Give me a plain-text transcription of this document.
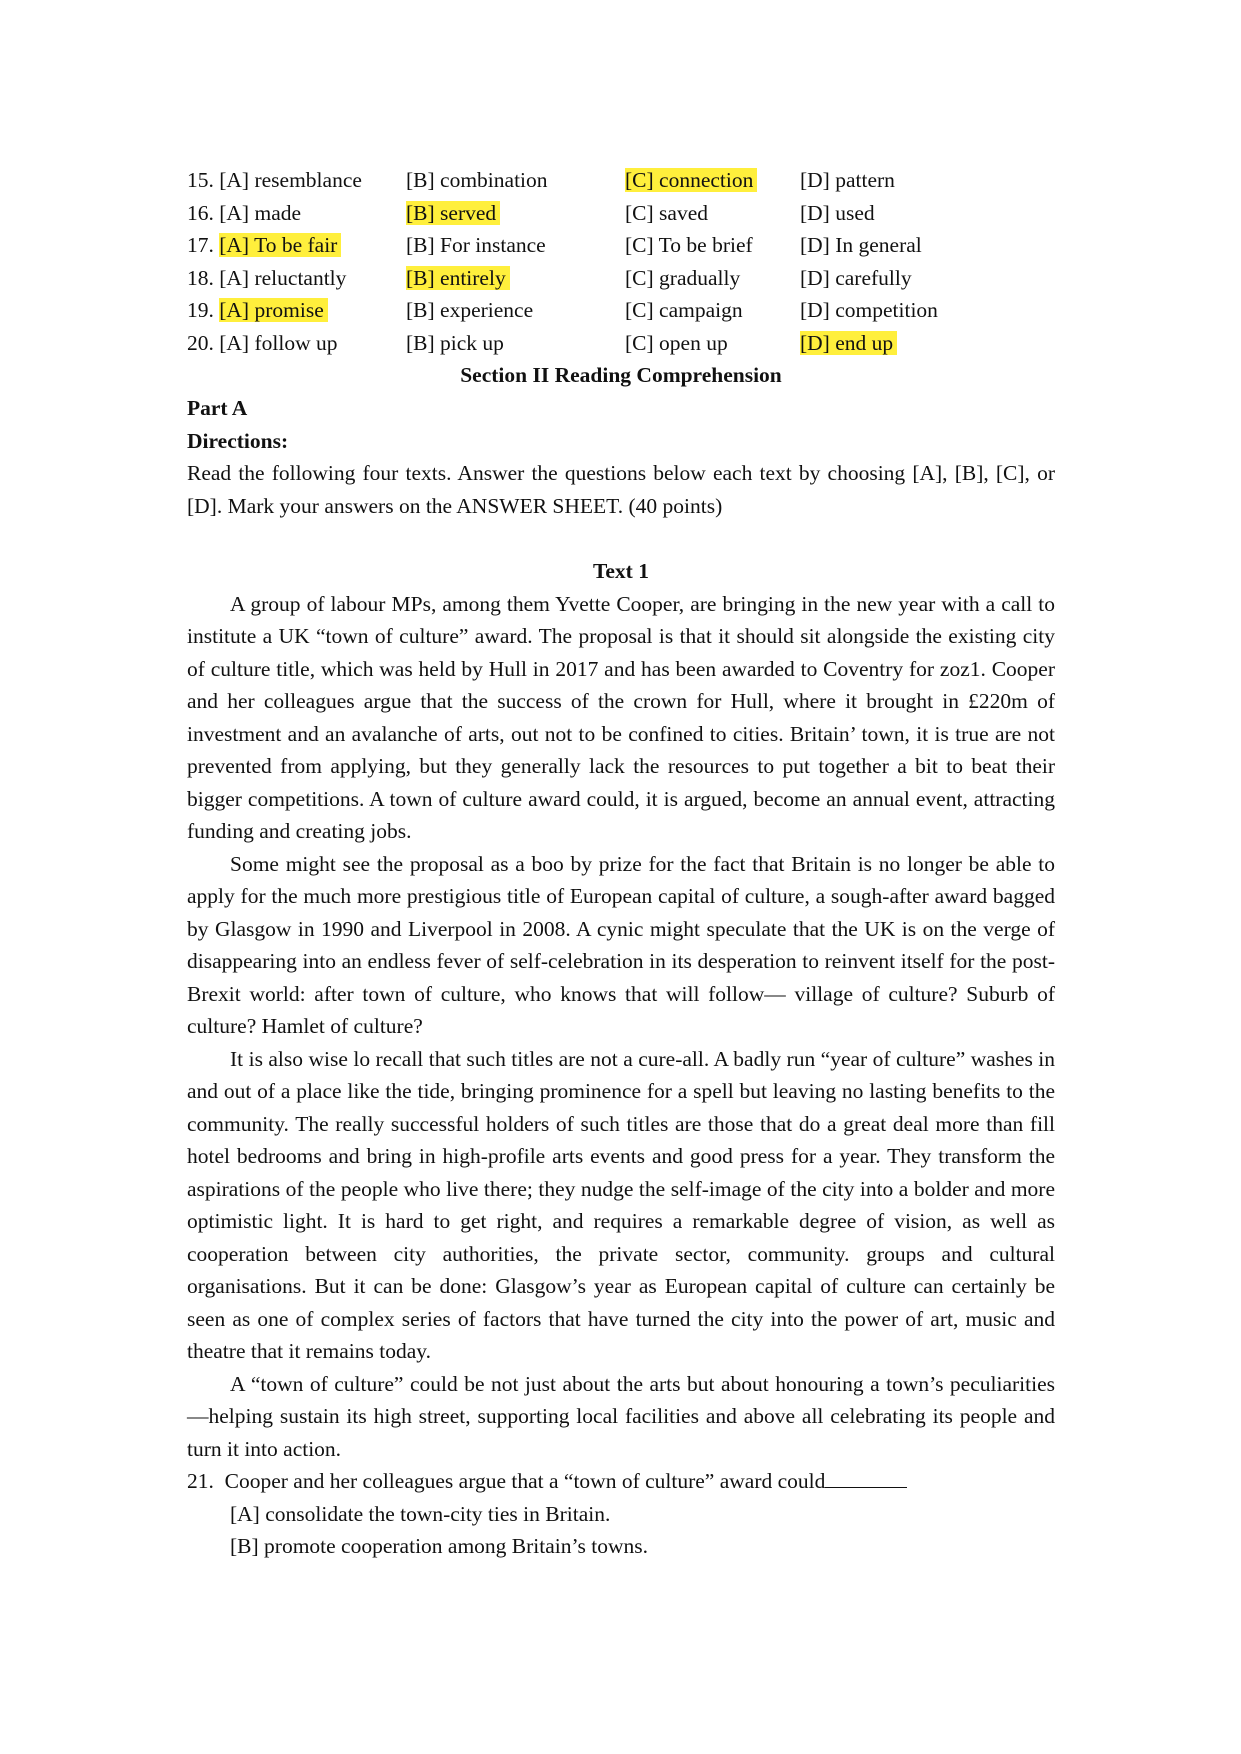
15. [A] resemblance	[B] combination	[C] connection	[D] pattern
16. [A] made	[B] served	[C] saved	[D] used
17. [A] To be fair	[B] For instance	[C] To be brief	[D] In general
18. [A] reluctantly	[B] entirely	[C] gradually	[D] carefully
19. [A] promise	[B] experience	[C] campaign	[D] competition
20. [A] follow up	[B] pick up	[C] open up	[D] end up
Section II Reading Comprehension
Part A
Directions:
Read the following four texts. Answer the questions below each text by choosing [A], [B], [C], or [D]. Mark your answers on the ANSWER SHEET. (40 points)
Text 1

A group of labour MPs, among them Yvette Cooper, are bringing in the new year with a call to institute a UK “town of culture” award. The proposal is that it should sit alongside the existing city of culture title, which was held by Hull in 2017 and has been awarded to Coventry for zoz1. Cooper and her colleagues argue that the success of the crown for Hull, where it brought in £220m of investment and an avalanche of arts, out not to be confined to cities. Britain’ town, it is true are not prevented from applying, but they generally lack the resources to put together a bit to beat their bigger competitions. A town of culture award could, it is argued, become an annual event, attracting funding and creating jobs.

Some might see the proposal as a boo by prize for the fact that Britain is no longer be able to apply for the much more prestigious title of European capital of culture, a sough-after award bagged by Glasgow in 1990 and Liverpool in 2008. A cynic might speculate that the UK is on the verge of disappearing into an endless fever of self-celebration in its desperation to reinvent itself for the post-Brexit world: after town of culture, who knows that will follow— village of culture? Suburb of culture? Hamlet of culture?

It is also wise lo recall that such titles are not a cure-all. A badly run “year of culture” washes in and out of a place like the tide, bringing prominence for a spell but leaving no lasting benefits to the community. The really successful holders of such titles are those that do a great deal more than fill hotel bedrooms and bring in high-profile arts events and good press for a year. They transform the aspirations of the people who live there; they nudge the self-image of the city into a bolder and more optimistic light. It is hard to get right, and requires a remarkable degree of vision, as well as cooperation between city authorities, the private sector, community. groups and cultural organisations. But it can be done: Glasgow’s year as European capital of culture can certainly be seen as one of complex series of factors that have turned the city into the power of art, music and theatre that it remains today.

A “town of culture” could be not just about the arts but about honouring a town’s peculiarities —helping sustain its high street, supporting local facilities and above all celebrating its people and turn it into action.

21. Cooper and her colleagues argue that a “town of culture” award could
[A] consolidate the town-city ties in Britain.
[B] promote cooperation among Britain’s towns.
